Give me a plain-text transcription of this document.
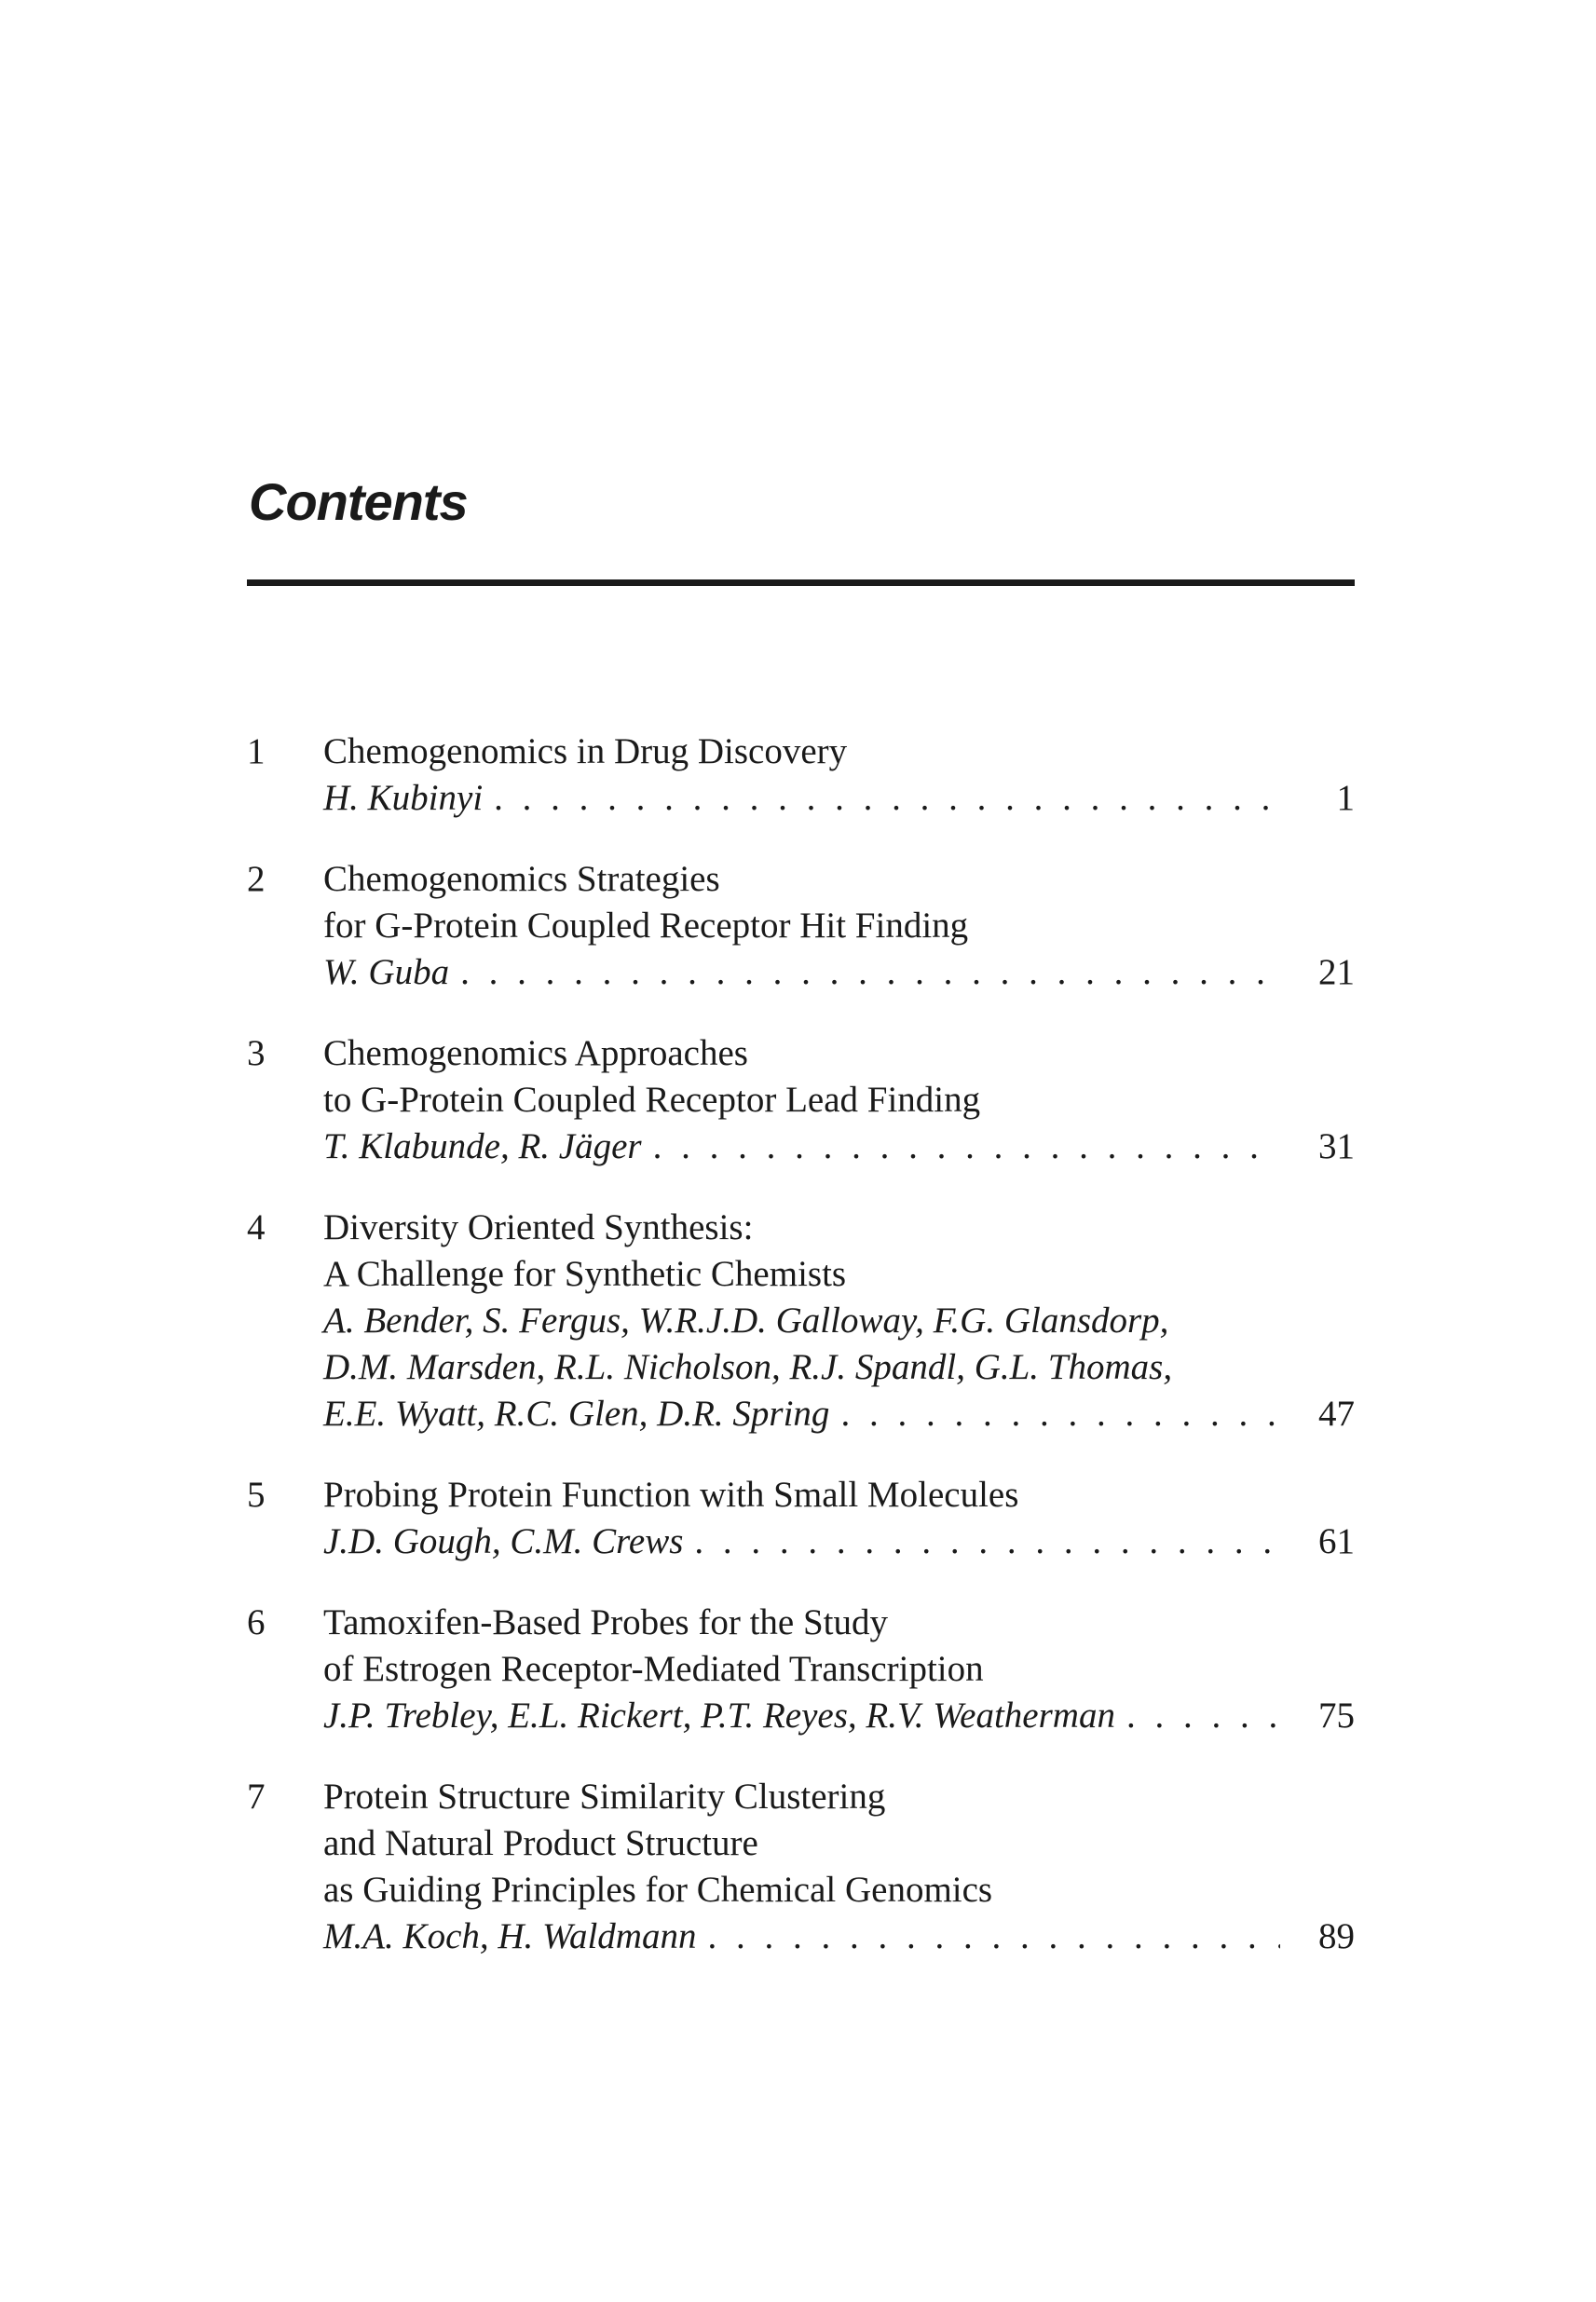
Contents
1 Chemogenomics in Drug Discovery
H. Kubinyi . . .	1
2 Chemogenomics Strategies
for G-Protein Coupled Receptor Hit Finding
W. Guba . . .	21
3 Chemogenomics Approaches
to G-Protein Coupled Receptor Lead Finding
T. Klabunde, R. Jäger . . .	31
4 Diversity Oriented Synthesis:
A Challenge for Synthetic Chemists
A. Bender, S. Fergus, W.R.J.D. Galloway, F.G. Glansdorp,
D.M. Marsden, R.L. Nicholson, R.J. Spandl, G.L. Thomas,
E.E. Wyatt, R.C. Glen, D.R. Spring . . .	47
5 Probing Protein Function with Small Molecules
J.D. Gough, C.M. Crews . . .	61
6 Tamoxifen-Based Probes for the Study
of Estrogen Receptor-Mediated Transcription
J.P. Trebley, E.L. Rickert, P.T. Reyes, R.V. Weatherman . . .	75
7 Protein Structure Similarity Clustering
and Natural Product Structure
as Guiding Principles for Chemical Genomics
M.A. Koch, H. Waldmann . . .	89
